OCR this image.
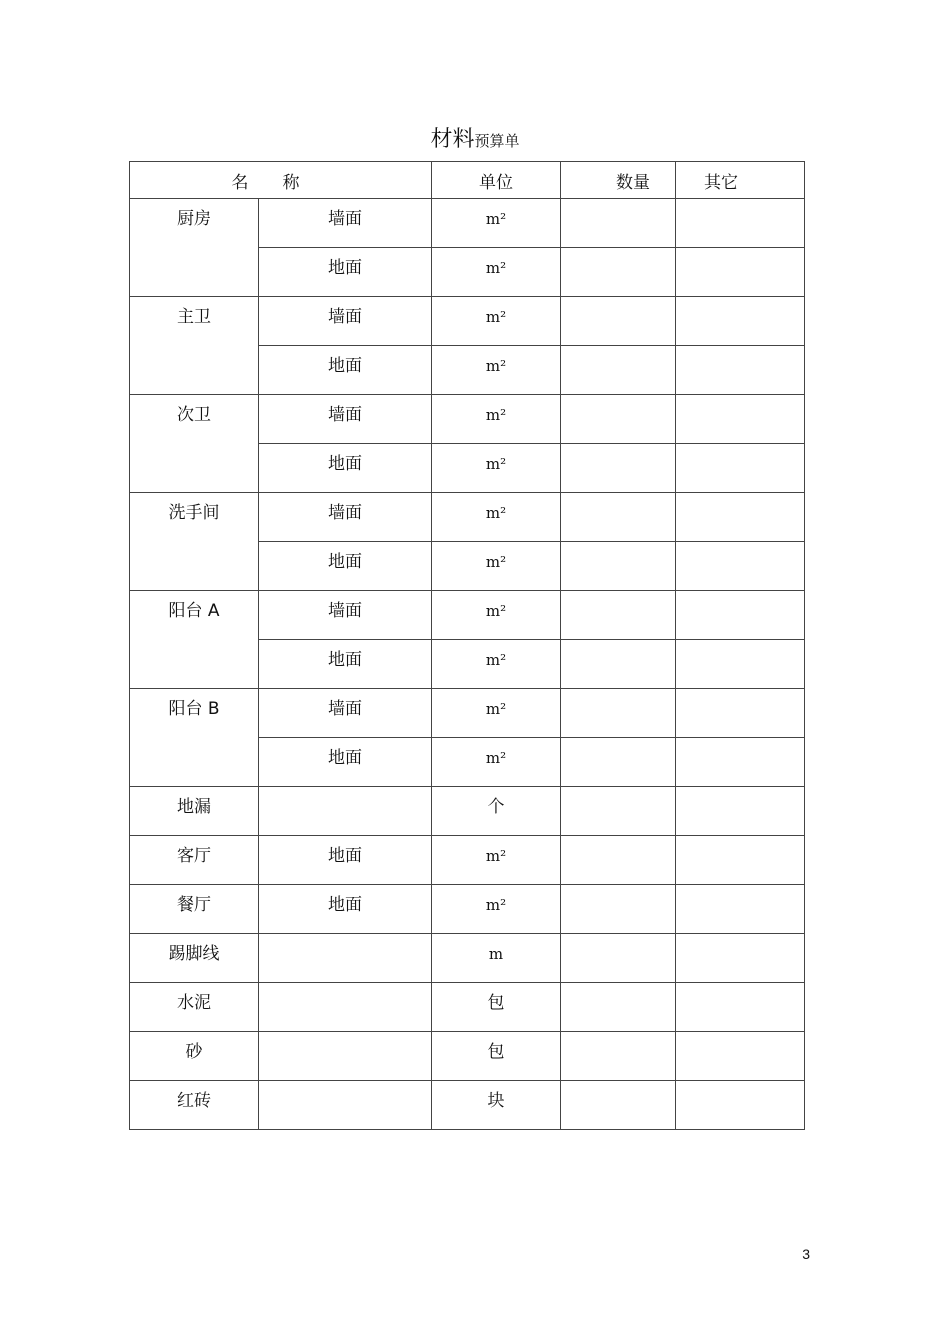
材料预算单
名　　称		单位	数量	其它

厨房	墙面	m²		

	地面	m²		

主卫	墙面	m²		

	地面	m²		

次卫	墙面	m²		

	地面	m²		

洗手间	墙面	m²		

	地面	m²		

阳台 A	墙面	m²		

	地面	m²		

阳台 B	墙面	m²		

	地面	m²		

地漏		个		

客厅	地面	m²		

餐厅	地面	m²		

踢脚线		m		

水泥		包		

砂		包		

红砖		块		

3
